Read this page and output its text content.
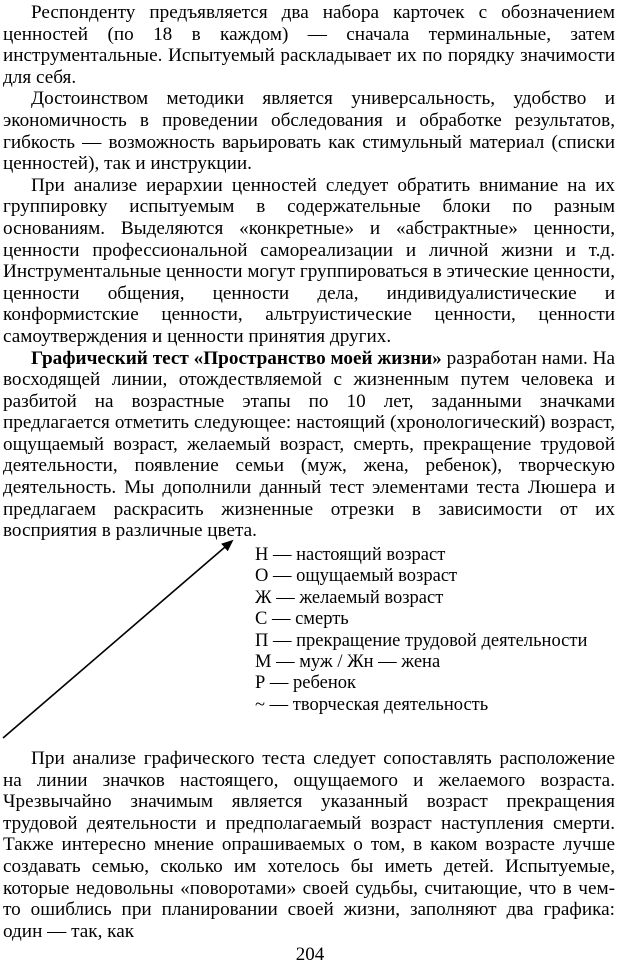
Респонденту предъявляется два набора карточек с обозначением ценностей (по 18 в каждом) — сначала терминальные, затем инструментальные. Испытуемый раскладывает их по порядку значимости для себя.

Достоинством методики является универсальность, удобство и экономичность в проведении обследования и обработке результатов, гибкость — возможность варьировать как стимульный материал (списки ценностей), так и инструкции.

При анализе иерархии ценностей следует обратить внимание на их группировку испытуемым в содержательные блоки по разным основаниям. Выделяются «конкретные» и «абстрактные» ценности, ценности профессиональной самореализации и личной жизни и т.д. Инструментальные ценности могут группироваться в этические ценности, ценности общения, ценности дела, индивидуалистические и конформистские ценности, альтруистические ценности, ценности самоутверждения и ценности принятия других.

Графический тест «Пространство моей жизни» разработан нами. На восходящей линии, отождествляемой с жизненным путем человека и разбитой на возрастные этапы по 10 лет, заданными значками предлагается отметить следующее: настоящий (хронологический) возраст, ощущаемый возраст, желаемый возраст, смерть, прекращение трудовой деятельности, появление семьи (муж, жена, ребенок), творческую деятельность. Мы дополнили данный тест элементами теста Люшера и предлагаем раскрасить жизненные отрезки в зависимости от их восприятия в различные цвета.

Н — настоящий возраст
О — ощущаемый возраст
Ж — желаемый возраст
С — смерть
П — прекращение трудовой деятельности
М — муж / Жн — жена
Р — ребенок
~ — творческая деятельность

При анализе графического теста следует сопоставлять расположение на линии значков настоящего, ощущаемого и желаемого возраста. Чрезвычайно значимым является указанный возраст прекращения трудовой деятельности и предполагаемый возраст наступления смерти. Также интересно мнение опрашиваемых о том, в каком возрасте лучше создавать семью, сколько им хотелось бы иметь детей. Испытуемые, которые недовольны «поворотами» своей судьбы, считающие, что в чем-то ошиблись при планировании своей жизни, заполняют два графика: один — так, как

204
